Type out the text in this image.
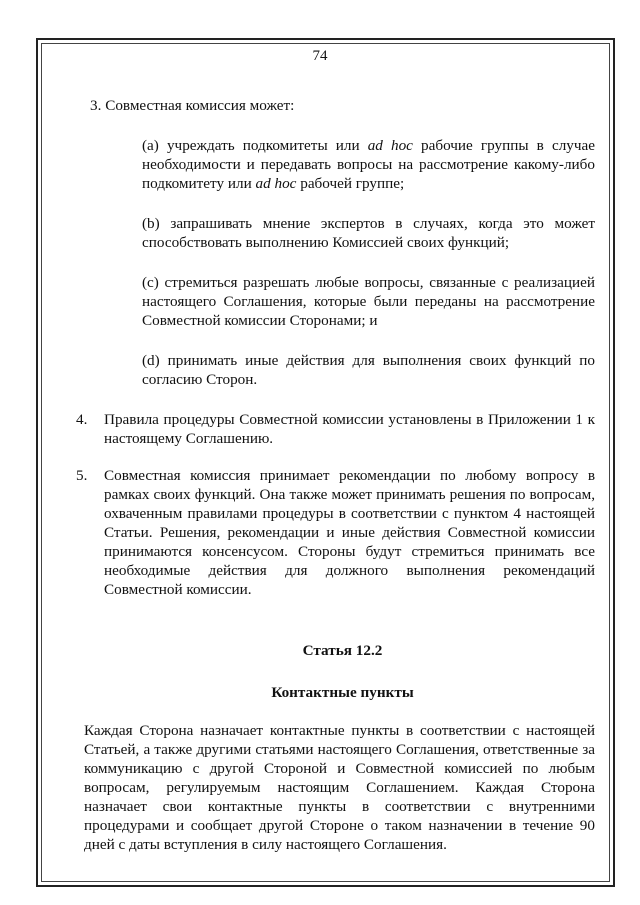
74
3. Совместная комиссия может:
(a) учреждать подкомитеты или ad hoc рабочие группы в случае необходимости и передавать вопросы на рассмотрение какому-либо подкомитету или ad hoc рабочей группе;
(b) запрашивать мнение экспертов в случаях, когда это может способствовать выполнению Комиссией своих функций;
(c) стремиться разрешать любые вопросы, связанные с реализацией настоящего Соглашения, которые были переданы на рассмотрение Совместной комиссии Сторонами; и
(d) принимать иные действия для выполнения своих функций по согласию Сторон.
4. Правила процедуры Совместной комиссии установлены в Приложении 1 к настоящему Соглашению.
5. Совместная комиссия принимает рекомендации по любому вопросу в рамках своих функций. Она также может принимать решения по вопросам, охваченным правилами процедуры в соответствии с пунктом 4 настоящей Статьи. Решения, рекомендации и иные действия Совместной комиссии принимаются консенсусом. Стороны будут стремиться принимать все необходимые действия для должного выполнения рекомендаций Совместной комиссии.
Статья 12.2
Контактные пункты
Каждая Сторона назначает контактные пункты в соответствии с настоящей Статьей, а также другими статьями настоящего Соглашения, ответственные за коммуникацию с другой Стороной и Совместной комиссией по любым вопросам, регулируемым настоящим Соглашением. Каждая Сторона назначает свои контактные пункты в соответствии с внутренними процедурами и сообщает другой Стороне о таком назначении в течение 90 дней с даты вступления в силу настоящего Соглашения.
